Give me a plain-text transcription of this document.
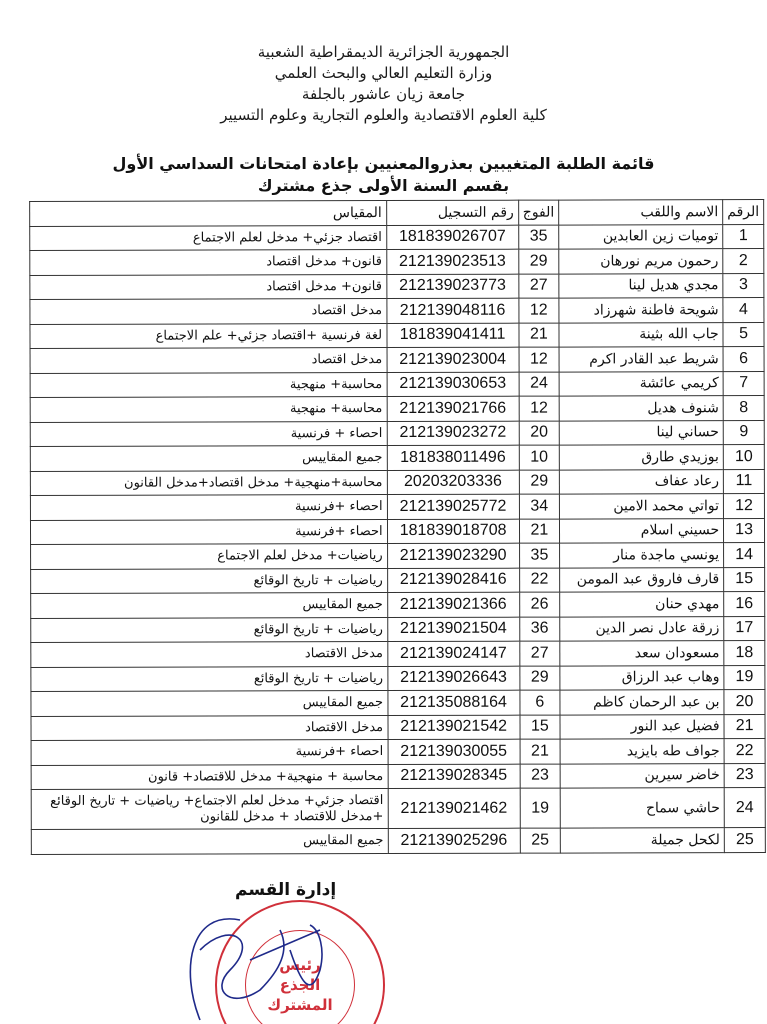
الجمهورية الجزائرية الديمقراطية الشعبية
وزارة التعليم العالي والبحث العلمي
جامعة زيان عاشور بالجلفة
كلية العلوم الاقتصادية والعلوم التجارية وعلوم التسيير
قائمة الطلبة المتغيبين بعذروالمعنيين بإعادة امتحانات السداسي الأول
بقسم السنة الأولى جذع مشترك
الرقم	الاسم واللقب	الفوج	رقم التسجيل	المقياس
1	توميات زين العابدين	35	181839026707	اقتصاد جزئي+ مدخل لعلم الاجتماع
2	رحمون مريم نورهان	29	212139023513	قانون+ مدخل اقتصاد
3	مجدي هديل لينا	27	212139023773	قانون+ مدخل اقتصاد
4	شويحة فاطنة شهرزاد	12	212139048116	مدخل اقتصاد
5	جاب الله بثينة	21	181839041411	لغة فرنسية +اقتصاد جزئي+ علم الاجتماع
6	شريط عبد القادر اكرم	12	212139023004	مدخل اقتصاد
7	كريمي عائشة	24	212139030653	محاسبة+ منهجية
8	شنوف هديل	12	212139021766	محاسبة+ منهجية
9	حساني لينا	20	212139023272	احصاء + فرنسية
10	بوزيدي طارق	10	181838011496	جميع المقاييس
11	رعاد عفاف	29	20203203336	محاسبة+منهجية+ مدخل اقتصاد+مدخل القانون
12	تواتي محمد الامين	34	212139025772	احصاء +فرنسية
13	حسيني اسلام	21	181839018708	احصاء +فرنسية
14	يونسي ماجدة منار	35	212139023290	رياضيات+ مدخل لعلم الاجتماع
15	قارف فاروق عبد المومن	22	212139028416	رياضيات + تاريخ الوقائع
16	مهدي حنان	26	212139021366	جميع المقاييس
17	زرقة عادل نصر الدين	36	212139021504	رياضيات + تاريخ الوقائع
18	مسعودان سعد	27	212139024147	مدخل الاقتصاد
19	وهاب عبد الرزاق	29	212139026643	رياضيات + تاريخ الوقائع
20	بن عبد الرحمان كاظم	6	212135088164	جميع المقاييس
21	فضيل عبد النور	15	212139021542	مدخل الاقتصاد
22	جواف طه بايزيد	21	212139030055	احصاء +فرنسية
23	خاضر سيرين	23	212139028345	محاسبة + منهجية+ مدخل للاقتصاد+ قانون
24	حاشي سماح	19	212139021462	اقتصاد جزئي+ مدخل لعلم الاجتماع+ رياضيات + تاريخ الوقائع +مدخل للاقتصاد + مدخل للقانون
25	لكحل جميلة	25	212139025296	جميع المقاييس
رئيس
الجذع
المشترك
إدارة القسم
